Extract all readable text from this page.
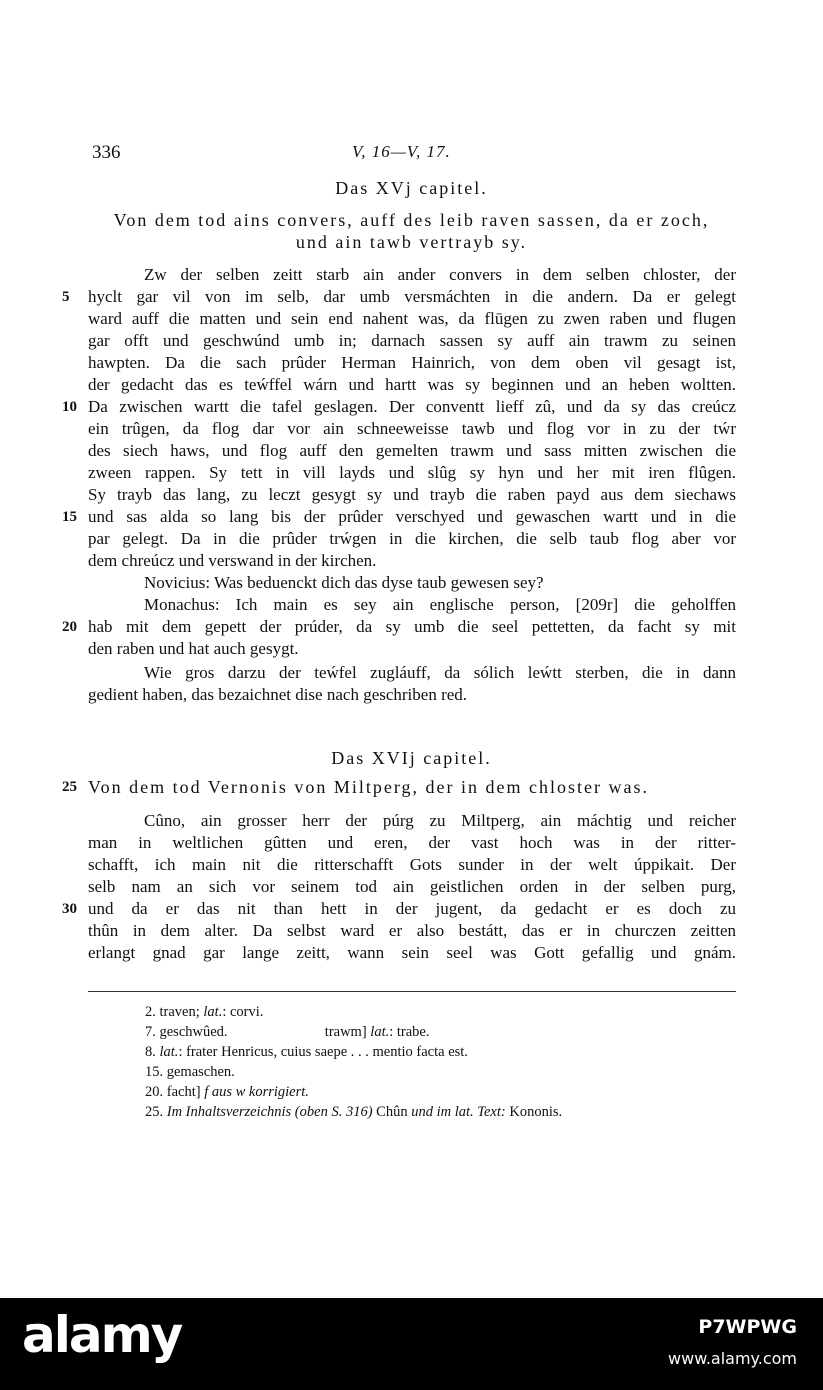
336	V, 16—V, 17.
Das XVj capitel.
Von dem tod ains convers, auff des leib raven sassen, da er zoch,
und ain tawb vertrayb sy.
Zw der selben zeitt starb ain ander convers in dem selben chloster, der
hyclt gar vil von im selb, dar umb versmáchten in die andern. Da er gelegt
ward auff die matten und sein end nahent was, da flūgen zu zwen raben und flugen
gar offt und geschwúnd umb in; darnach sassen sy auff ain trawm zu seinen
hawpten. Da die sach prûder Herman Hainrich, von dem oben vil gesagt ist,
der gedacht das es teẃffel wárn und hartt was sy beginnen und an heben woltten.
Da zwischen wartt die tafel geslagen. Der conventt lieff zû, und da sy das creúcz
ein trûgen, da flog dar vor ain schneeweisse tawb und flog vor in zu der tẃr
des siech haws, und flog auff den gemelten trawm und sass mitten zwischen die
zween rappen. Sy tett in vill layds und slûg sy hyn und her mit iren flûgen.
Sy trayb das lang, zu leczt gesygt sy und trayb die raben payd aus dem siechaws
und sas alda so lang bis der prûder verschyed und gewaschen wartt und in die
par gelegt. Da in die prûder trẃgen in die kirchen, die selb taub flog aber vor
dem chreúcz und verswand in der kirchen.
Novicius: Was beduenckt dich das dyse taub gewesen sey?
Monachus: Ich main es sey ain englische person, [209r] die geholffen
hab mit dem gepett der prúder, da sy umb die seel pettetten, da facht sy mit
den raben und hat auch gesygt.
Wie gros darzu der teẃfel zugláuff, da sólich leẃtt sterben, die in dann
gedient haben, das bezaichnet dise nach geschriben red.
Das XVIj capitel.
Von dem tod Vernonis von Miltperg, der in dem chloster was.
Cûno, ain grosser herr der púrg zu Miltperg, ain máchtig und reicher
man in weltlichen gûtten und eren, der vast hoch was in der ritter-
schafft, ich main nit die ritterschafft Gots sunder in der welt úppikait. Der
selb nam an sich vor seinem tod ain geistlichen orden in der selben purg,
und da er das nit than hett in der jugent, da gedacht er es doch zu
thûn in dem alter. Da selbst ward er also bestátt, das er in churczen zeitten
erlangt gnad gar lange zeitt, wann sein seel was Gott gefallig und gnám.
5
10
15
20
25
30
2. traven; lat.: corvi.
7. geschwûed.	trawm] lat.: trabe.
8. lat.: frater Henricus, cuius saepe . . . mentio facta est.
15. gemaschen.
20. facht] f aus w korrigiert.
25. Im Inhaltsverzeichnis (oben S. 316) Chûn und im lat. Text: Kononis.
alamy	P7WPWG
www.alamy.com
